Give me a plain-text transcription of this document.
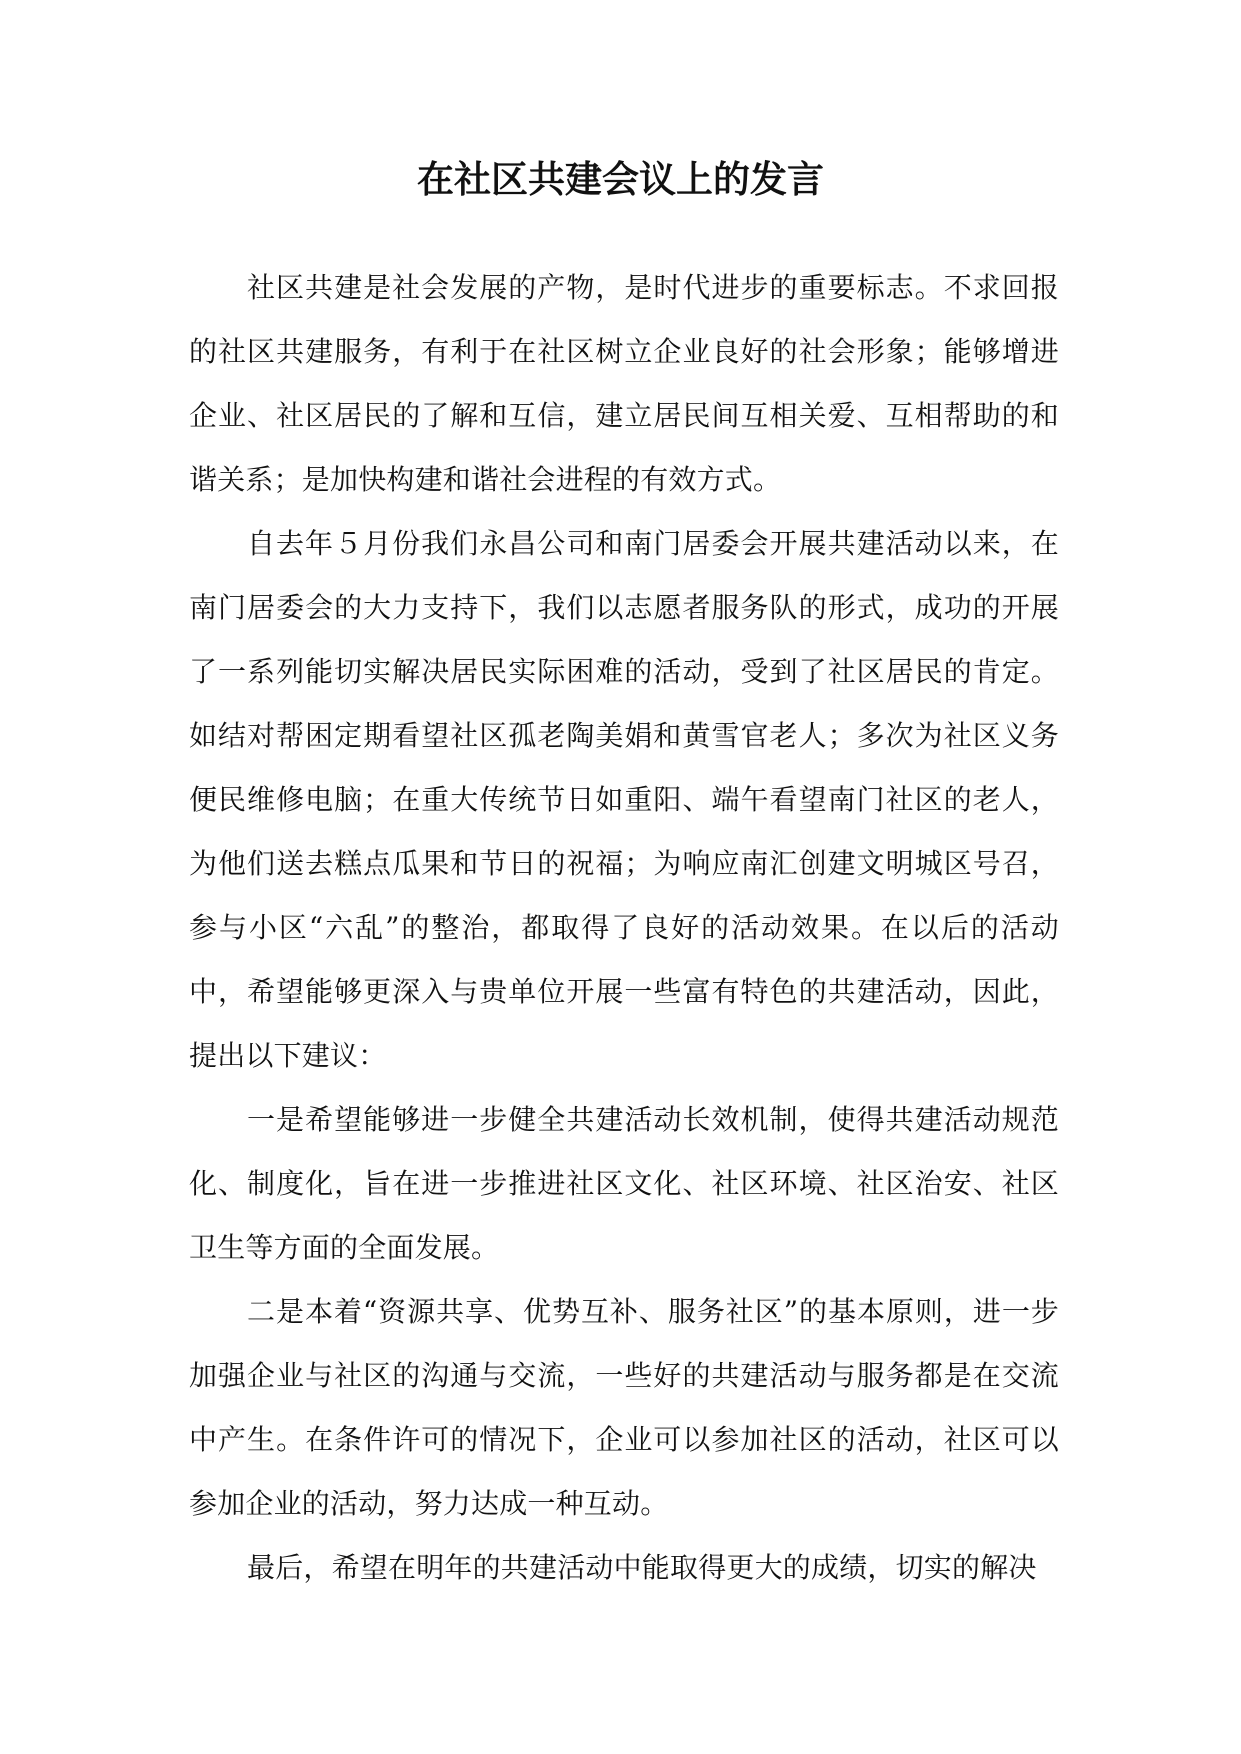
在社区共建会议上的发言

社区共建是社会发展的产物，是时代进步的重要标志。不求回报的社区共建服务，有利于在社区树立企业良好的社会形象；能够增进企业、社区居民的了解和互信，建立居民间互相关爱、互相帮助的和谐关系；是加快构建和谐社会进程的有效方式。

自去年５月份我们永昌公司和南门居委会开展共建活动以来，在南门居委会的大力支持下，我们以志愿者服务队的形式，成功的开展了一系列能切实解决居民实际困难的活动，受到了社区居民的肯定。如结对帮困定期看望社区孤老陶美娟和黄雪官老人；多次为社区义务便民维修电脑；在重大传统节日如重阳、端午看望南门社区的老人，为他们送去糕点瓜果和节日的祝福；为响应南汇创建文明城区号召，参与小区“六乱”的整治，都取得了良好的活动效果。在以后的活动中，希望能够更深入与贵单位开展一些富有特色的共建活动，因此，提出以下建议：

一是希望能够进一步健全共建活动长效机制，使得共建活动规范化、制度化，旨在进一步推进社区文化、社区环境、社区治安、社区卫生等方面的全面发展。

二是本着“资源共享、优势互补、服务社区”的基本原则，进一步加强企业与社区的沟通与交流，一些好的共建活动与服务都是在交流中产生。在条件许可的情况下，企业可以参加社区的活动，社区可以参加企业的活动，努力达成一种互动。

最后，希望在明年的共建活动中能取得更大的成绩，切实的解决
